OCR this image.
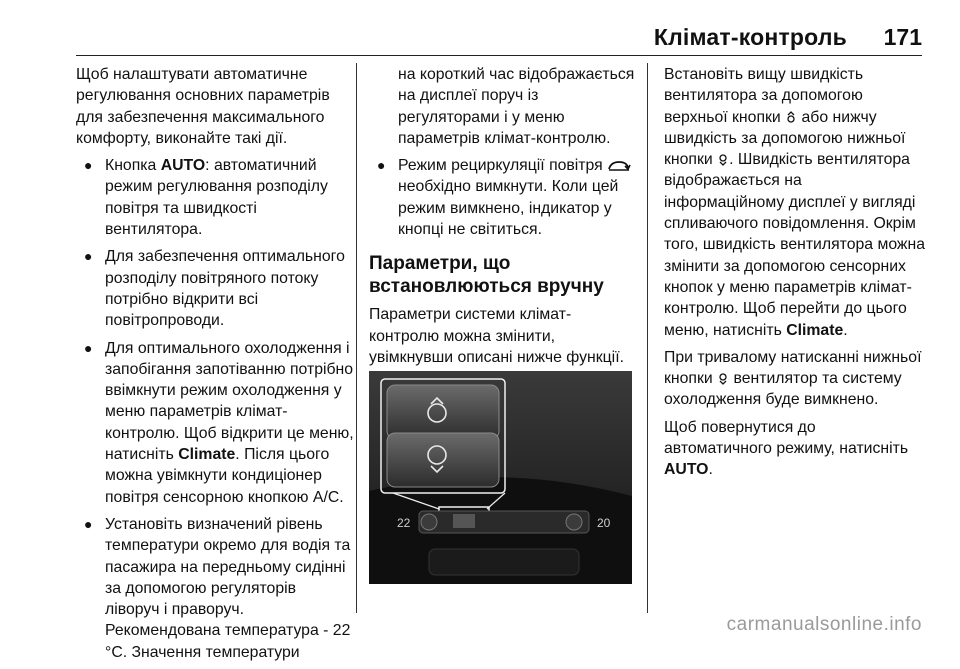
Клімат-контроль 171

Щоб налаштувати автоматичне регулювання основних параметрів для забезпечення максимального комфорту, виконайте такі дії.

● Кнопка AUTO: автоматичний режим регулювання розподілу повітря та швидкості вентилятора.
● Для забезпечення оптимального розподілу повітряного потоку потрібно відкрити всі повітропроводи.
● Для оптимального охолодження і запобігання запотіванню потрібно ввімкнути режим охолодження у меню параметрів клімат-контролю. Щоб відкрити це меню, натисніть Climate. Після цього можна увімкнути кондиціонер повітря сенсорною кнопкою A/C.
● Установіть визначений рівень температури окремо для водія та пасажира на передньому сидінні за допомогою регуляторів ліворуч і праворуч. Рекомендована температура - 22 °C. Значення температури
на короткий час відображається на дисплеї поруч із регуляторами і у меню параметрів клімат-контролю.
● Режим рециркуляції повітря  необхідно вимкнути. Коли цей режим вимкнено, індикатор у кнопці не світиться.
Параметри, що встановлюються вручну

Параметри системи клімат-контролю можна змінити, увімкнувши описані нижче функції.

22	20

Встановіть вищу швидкість вентилятора за допомогою верхньої кнопки  або нижчу швидкість за допомогою нижньої кнопки . Швидкість вентилятора відображається на інформаційному дисплеї у вигляді спливаючого повідомлення. Окрім того, швидкість вентилятора можна змінити за допомогою сенсорних кнопок у меню параметрів клімат-контролю. Щоб перейти до цього меню, натисніть Climate.

При тривалому натисканні нижньої кнопки  вентилятор та систему охолодження буде вимкнено.

Щоб повернутися до автоматичного режиму, натисніть AUTO.

carmanualsonline.info
